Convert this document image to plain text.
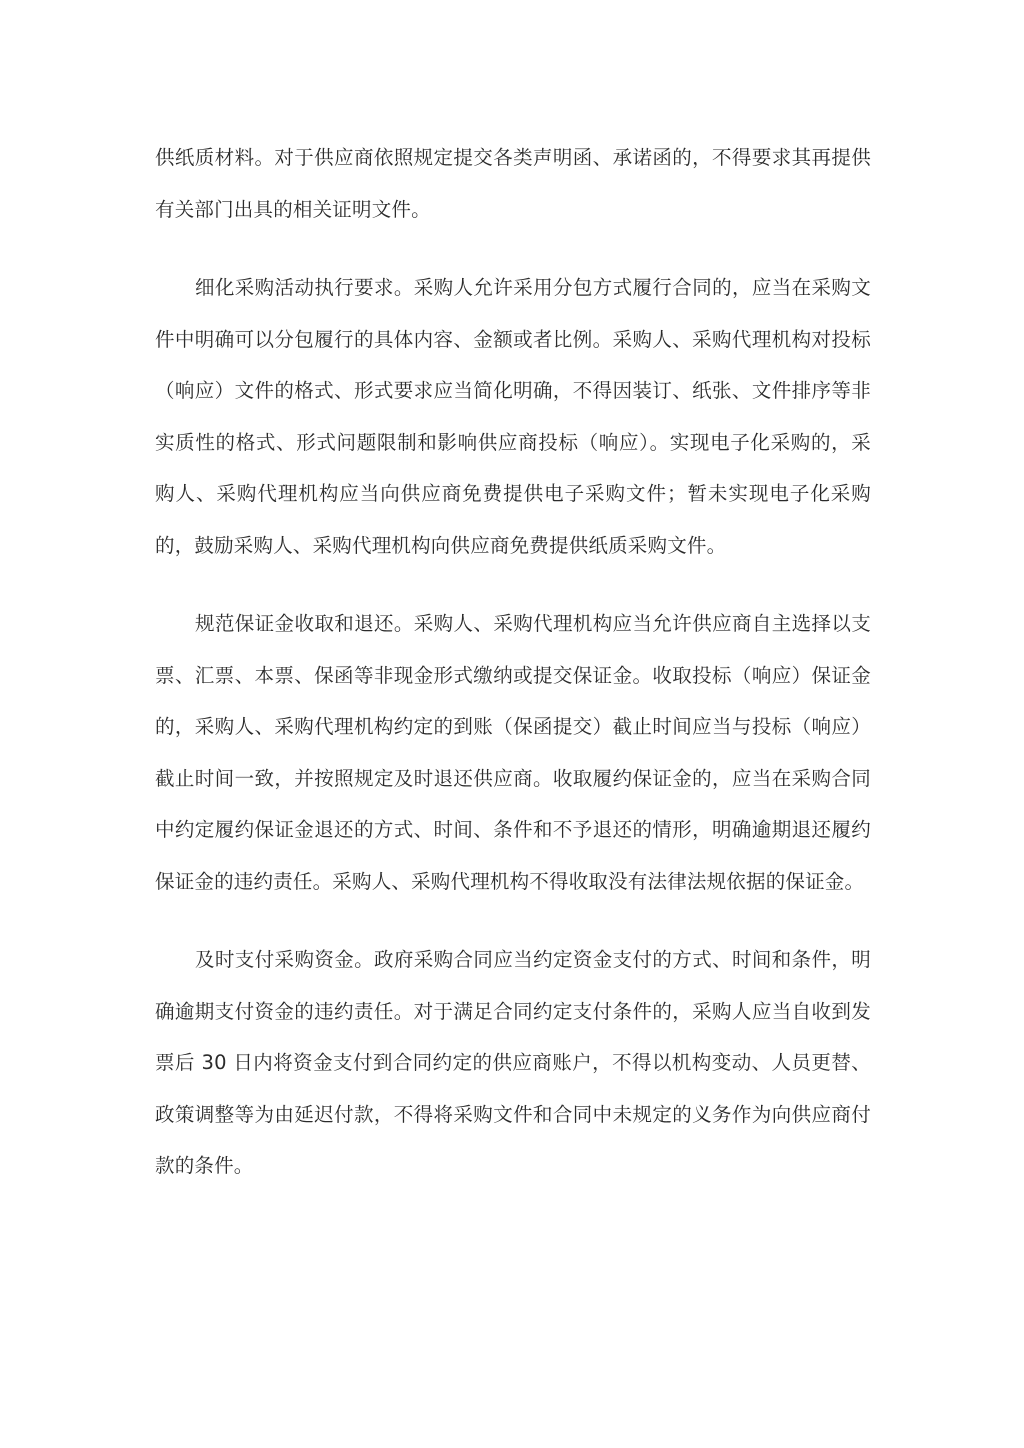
供纸质材料。对于供应商依照规定提交各类声明函、承诺函的，不得要求其再提供有关部门出具的相关证明文件。

细化采购活动执行要求。采购人允许采用分包方式履行合同的，应当在采购文件中明确可以分包履行的具体内容、金额或者比例。采购人、采购代理机构对投标（响应）文件的格式、形式要求应当简化明确，不得因装订、纸张、文件排序等非实质性的格式、形式问题限制和影响供应商投标（响应）。实现电子化采购的，采购人、采购代理机构应当向供应商免费提供电子采购文件；暂未实现电子化采购的，鼓励采购人、采购代理机构向供应商免费提供纸质采购文件。

规范保证金收取和退还。采购人、采购代理机构应当允许供应商自主选择以支票、汇票、本票、保函等非现金形式缴纳或提交保证金。收取投标（响应）保证金的，采购人、采购代理机构约定的到账（保函提交）截止时间应当与投标（响应）截止时间一致，并按照规定及时退还供应商。收取履约保证金的，应当在采购合同中约定履约保证金退还的方式、时间、条件和不予退还的情形，明确逾期退还履约保证金的违约责任。采购人、采购代理机构不得收取没有法律法规依据的保证金。

及时支付采购资金。政府采购合同应当约定资金支付的方式、时间和条件，明确逾期支付资金的违约责任。对于满足合同约定支付条件的，采购人应当自收到发票后 30 日内将资金支付到合同约定的供应商账户，不得以机构变动、人员更替、政策调整等为由延迟付款，不得将采购文件和合同中未规定的义务作为向供应商付款的条件。
